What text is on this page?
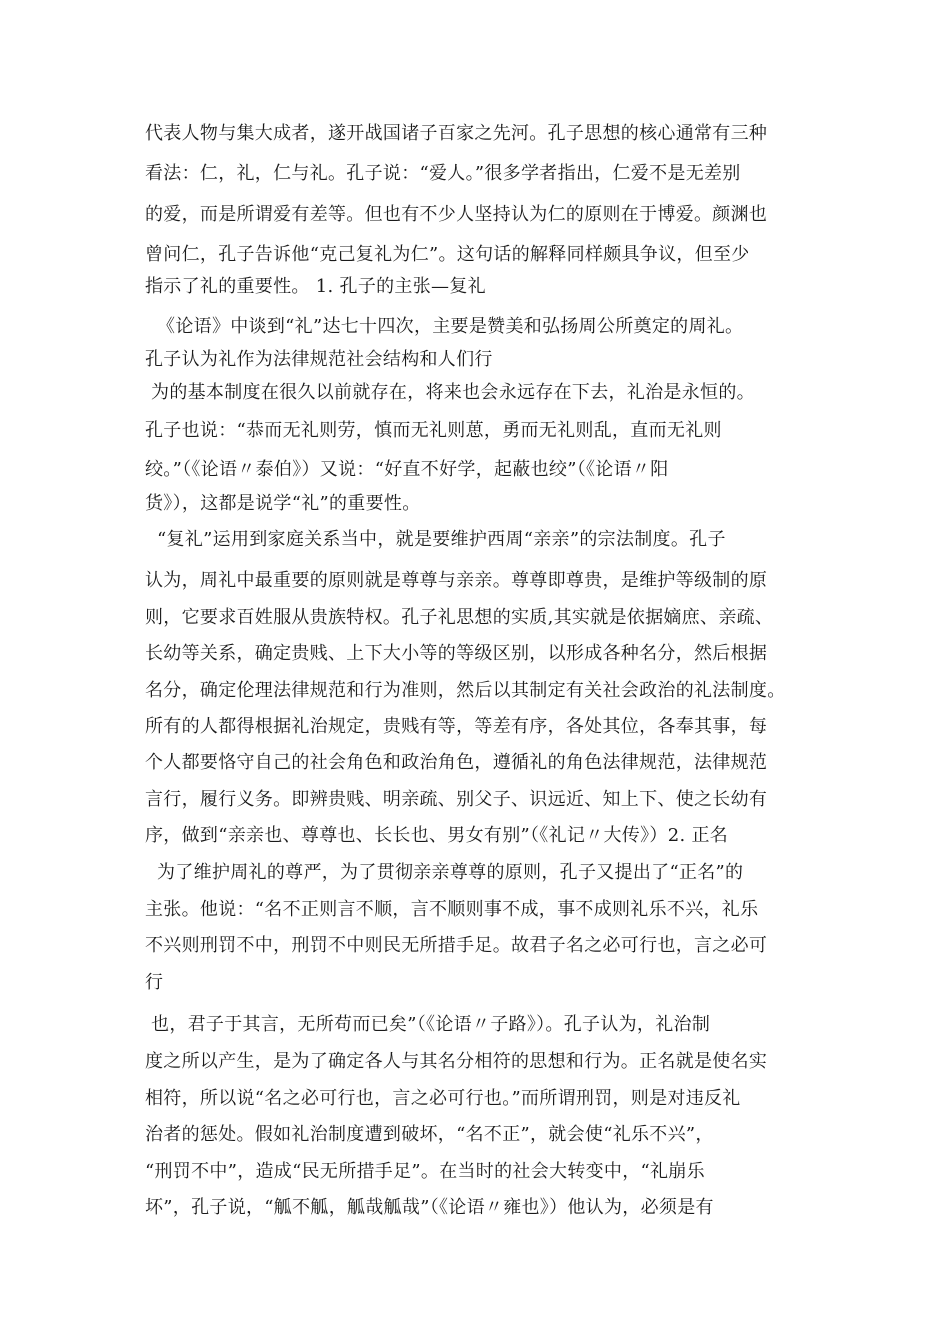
代表人物与集大成者，遂开战国诸子百家之先河。孔子思想的核心通常有三种
看法：仁，礼，仁与礼。孔子说：“爱人。”很多学者指出，仁爱不是无差别
的爱，而是所谓爱有差等。但也有不少人坚持认为仁的原则在于博爱。颜渊也
曾问仁，孔子告诉他“克己复礼为仁”。这句话的解释同样颇具争议，但至少
指示了礼的重要性。 1. 孔子的主张—复礼
《论语》中谈到“礼”达七十四次，主要是赞美和弘扬周公所奠定的周礼。
孔子认为礼作为法律规范社会结构和人们行
为的基本制度在很久以前就存在，将来也会永远存在下去，礼治是永恒的。
孔子也说：“恭而无礼则劳，慎而无礼则葸，勇而无礼则乱，直而无礼则
绞。”（《论语〃泰伯》）又说：“好直不好学，起蔽也绞”（《论语〃阳
货》），这都是说学“礼”的重要性。
“复礼”运用到家庭关系当中，就是要维护西周“亲亲”的宗法制度。孔子
认为，周礼中最重要的原则就是尊尊与亲亲。尊尊即尊贵，是维护等级制的原
则，它要求百姓服从贵族特权。孔子礼思想的实质,其实就是依据嫡庶、亲疏、
长幼等关系，确定贵贱、上下大小等的等级区别，以形成各种名分，然后根据
名分，确定伦理法律规范和行为准则，然后以其制定有关社会政治的礼法制度。
所有的人都得根据礼治规定，贵贱有等，等差有序，各处其位，各奉其事，每
个人都要恪守自己的社会角色和政治角色，遵循礼的角色法律规范，法律规范
言行，履行义务。即辨贵贱、明亲疏、别父子、识远近、知上下、使之长幼有
序，做到“亲亲也、尊尊也、长长也、男女有别”（《礼记〃大传》）2. 正名
为了维护周礼的尊严，为了贯彻亲亲尊尊的原则，孔子又提出了“正名”的
主张。他说：“名不正则言不顺，言不顺则事不成，事不成则礼乐不兴，礼乐
不兴则刑罚不中，刑罚不中则民无所措手足。故君子名之必可行也，言之必可
行
也，君子于其言，无所苟而已矣”（《论语〃子路》）。孔子认为，礼治制
度之所以产生，是为了确定各人与其名分相符的思想和行为。正名就是使名实
相符，所以说“名之必可行也，言之必可行也。”而所谓刑罚，则是对违反礼
治者的惩处。假如礼治制度遭到破坏，“名不正”，就会使“礼乐不兴”，
“刑罚不中”，造成“民无所措手足”。在当时的社会大转变中，“礼崩乐
坏”，孔子说，“觚不觚，觚哉觚哉”（《论语〃雍也》）他认为，必须是有
